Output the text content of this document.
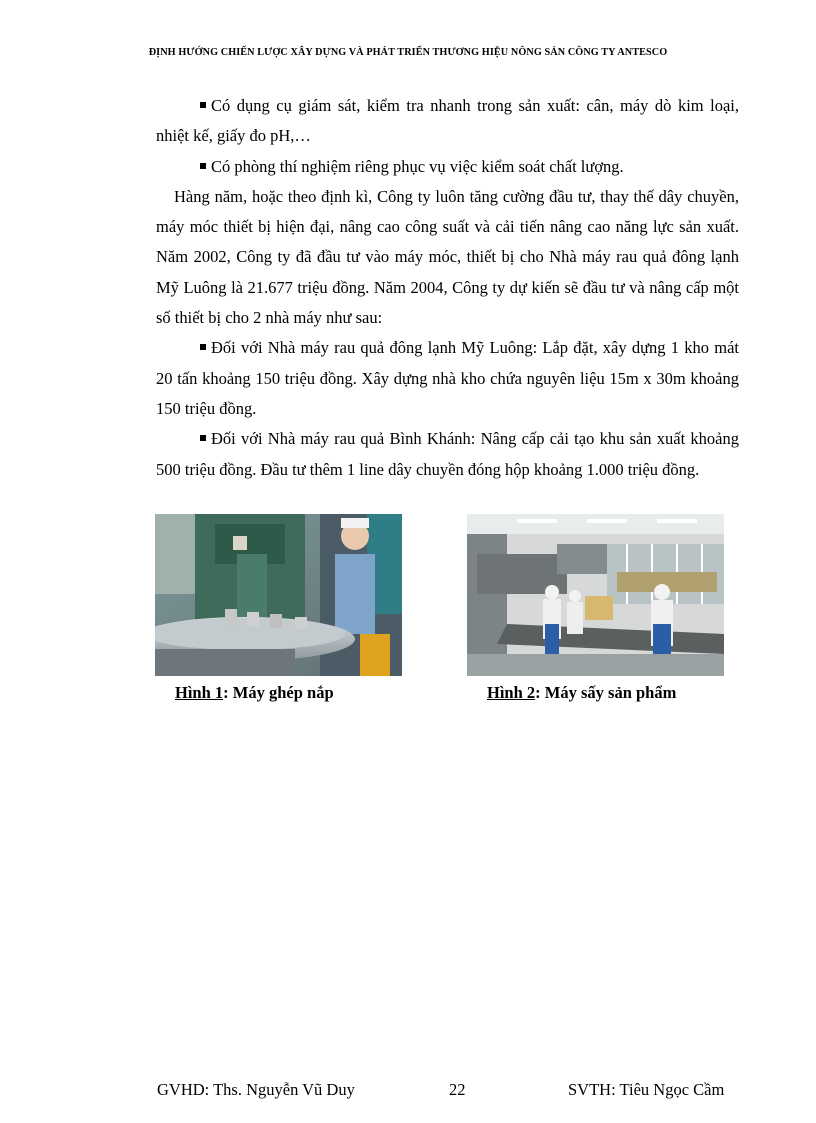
ĐỊNH HƯỚNG CHIẾN LƯỢC XÂY DỰNG VÀ PHÁT TRIỂN THƯƠNG HIỆU NÔNG SẢN CÔNG TY ANTESCO

Có dụng cụ giám sát, kiểm tra nhanh trong sản xuất: cân, máy dò kim loại, nhiệt kế, giấy đo pH,…

Có phòng thí nghiệm riêng phục vụ việc kiểm soát chất lượng.

Hàng năm, hoặc theo định kì, Công ty luôn tăng cường đầu tư, thay thế dây chuyền, máy móc thiết bị hiện đại, nâng cao công suất và cải tiến nâng cao năng lực sản xuất. Năm 2002, Công ty đã đầu tư vào máy móc, thiết bị cho Nhà máy rau quả đông lạnh Mỹ Luông là 21.677 triệu đồng. Năm 2004, Công ty dự kiến sẽ đầu tư và nâng cấp một số thiết bị cho 2 nhà máy như sau:

Đối với Nhà máy rau quả đông lạnh Mỹ Luông: Lắp đặt, xây dựng 1 kho mát 20 tấn khoảng 150 triệu đồng. Xây dựng nhà kho chứa nguyên liệu 15m x 30m khoảng 150 triệu đồng.

Đối với Nhà máy rau quả Bình Khánh: Nâng cấp cải tạo khu sản xuất khoảng 500 triệu đồng. Đầu tư thêm 1 line dây chuyền đóng hộp khoảng 1.000 triệu đồng.

Hình 1: Máy ghép nắp	Hình 2: Máy sấy sản phẩm
GVHD: Ths. Nguyễn Vũ Duy	22	SVTH: Tiêu Ngọc Cầm
